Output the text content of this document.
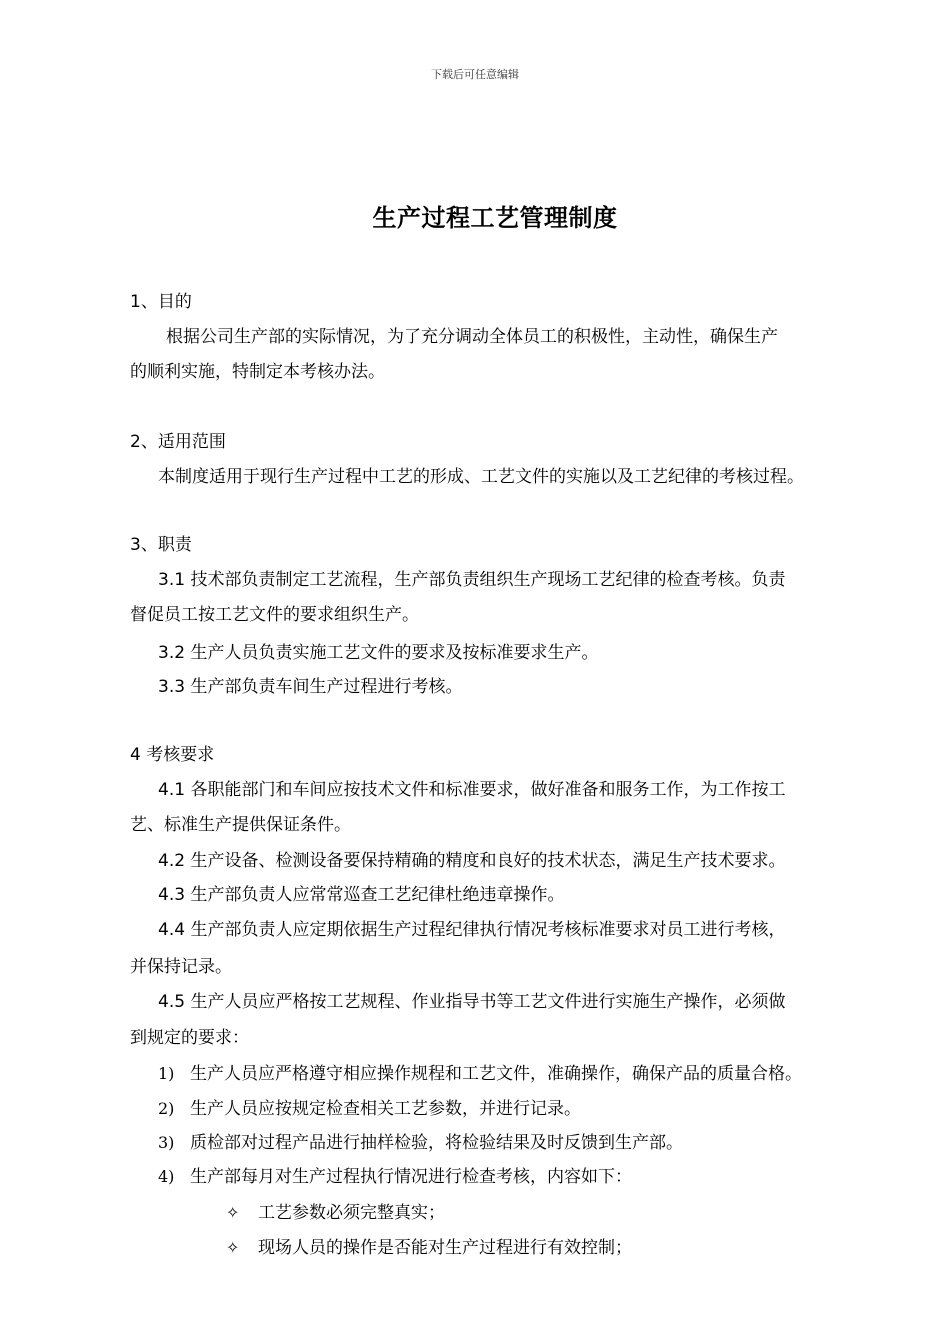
下载后可任意编辑
生产过程工艺管理制度
1、目的
根据公司生产部的实际情况，为了充分调动全体员工的积极性，主动性，确保生产
的顺利实施，特制定本考核办法。
2、适用范围
本制度适用于现行生产过程中工艺的形成、工艺文件的实施以及工艺纪律的考核过程。
3、职责
3.1 技术部负责制定工艺流程，生产部负责组织生产现场工艺纪律的检查考核。负责
督促员工按工艺文件的要求组织生产。
3.2 生产人员负责实施工艺文件的要求及按标准要求生产。
3.3 生产部负责车间生产过程进行考核。
4 考核要求
4.1 各职能部门和车间应按技术文件和标准要求，做好准备和服务工作，为工作按工
艺、标准生产提供保证条件。
4.2 生产设备、检测设备要保持精确的精度和良好的技术状态，满足生产技术要求。
4.3 生产部负责人应常常巡查工艺纪律杜绝违章操作。
4.4 生产部负责人应定期依据生产过程纪律执行情况考核标准要求对员工进行考核，
并保持记录。
4.5 生产人员应严格按工艺规程、作业指导书等工艺文件进行实施生产操作，必须做
到规定的要求：
1) 生产人员应严格遵守相应操作规程和工艺文件，准确操作，确保产品的质量合格。
2) 生产人员应按规定检查相关工艺参数，并进行记录。
3) 质检部对过程产品进行抽样检验，将检验结果及时反馈到生产部。
4) 生产部每月对生产过程执行情况进行检查考核，内容如下：
✧ 工艺参数必须完整真实；
✧ 现场人员的操作是否能对生产过程进行有效控制；
